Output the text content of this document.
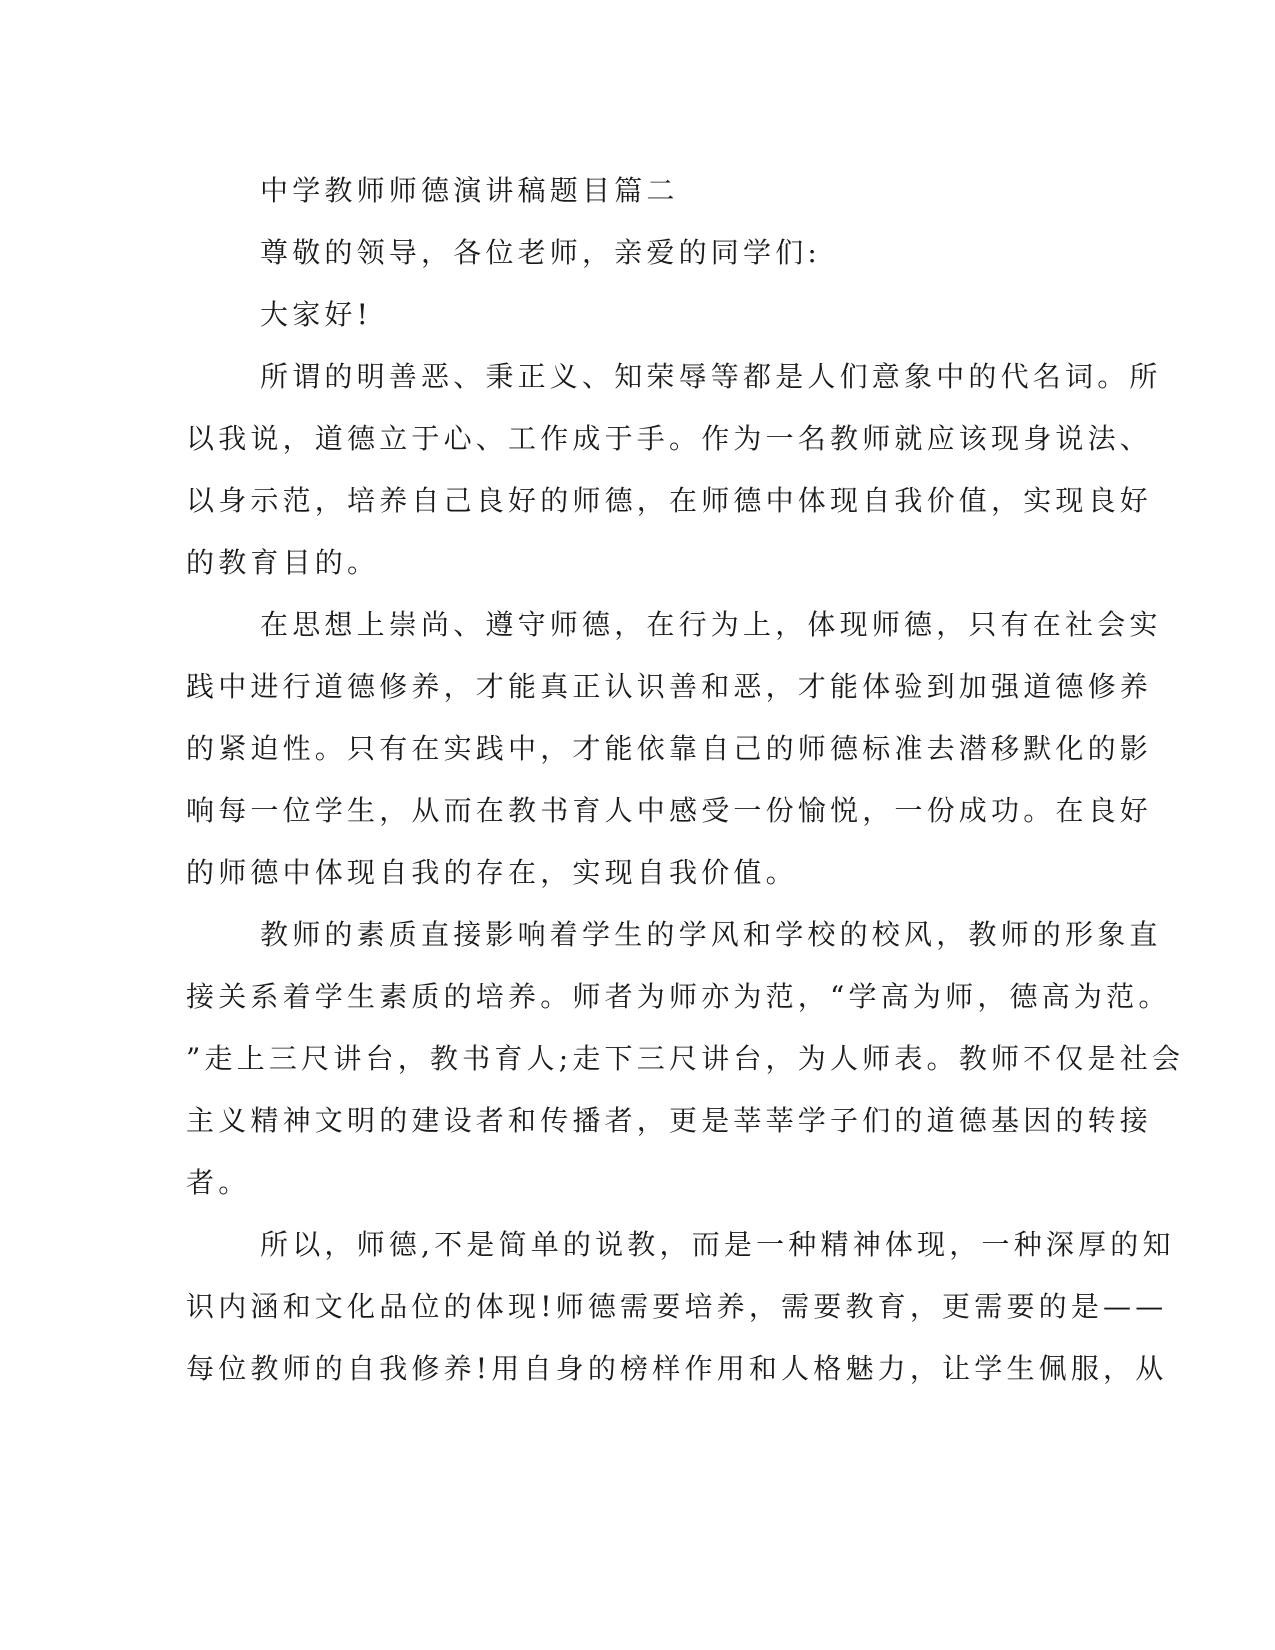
中学教师师德演讲稿题目篇二
尊敬的领导，各位老师，亲爱的同学们:
大家好!
所谓的明善恶、秉正义、知荣辱等都是人们意象中的代名词。所
以我说，道德立于心、工作成于手。作为一名教师就应该现身说法、
以身示范，培养自己良好的师德，在师德中体现自我价值，实现良好
的教育目的。
在思想上崇尚、遵守师德，在行为上，体现师德，只有在社会实
践中进行道德修养，才能真正认识善和恶，才能体验到加强道德修养
的紧迫性。只有在实践中，才能依靠自己的师德标准去潜移默化的影
响每一位学生，从而在教书育人中感受一份愉悦，一份成功。在良好
的师德中体现自我的存在，实现自我价值。
教师的素质直接影响着学生的学风和学校的校风，教师的形象直
接关系着学生素质的培养。师者为师亦为范，“学高为师，德高为范。
”走上三尺讲台，教书育人;走下三尺讲台，为人师表。教师不仅是社会
主义精神文明的建设者和传播者，更是莘莘学子们的道德基因的转接
者。
所以，师德,不是简单的说教，而是一种精神体现，一种深厚的知
识内涵和文化品位的体现!师德需要培养，需要教育，更需要的是——
每位教师的自我修养!用自身的榜样作用和人格魅力，让学生佩服，从
